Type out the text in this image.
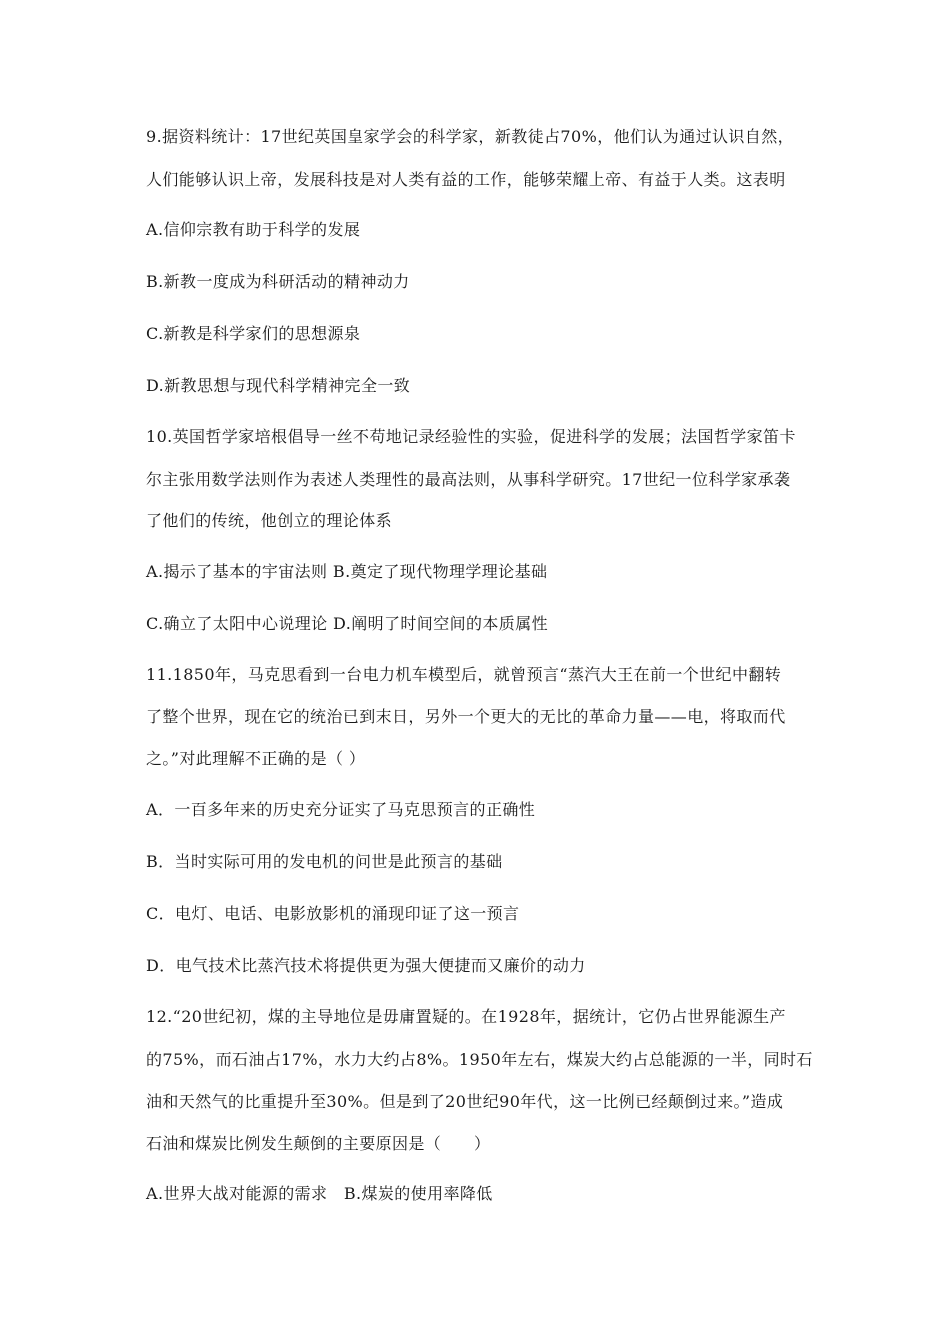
9.据资料统计：17世纪英国皇家学会的科学家，新教徒占70%，他们认为通过认识自然，
人们能够认识上帝，发展科技是对人类有益的工作，能够荣耀上帝、有益于人类。这表明
A.信仰宗教有助于科学的发展
B.新教一度成为科研活动的精神动力
C.新教是科学家们的思想源泉
D.新教思想与现代科学精神完全一致
10.英国哲学家培根倡导一丝不苟地记录经验性的实验，促进科学的发展；法国哲学家笛卡
尔主张用数学法则作为表述人类理性的最高法则，从事科学研究。17世纪一位科学家承袭
了他们的传统，他创立的理论体系
A.揭示了基本的宇宙法则 B.奠定了现代物理学理论基础
C.确立了太阳中心说理论 D.阐明了时间空间的本质属性
11.1850年，马克思看到一台电力机车模型后，就曾预言“蒸汽大王在前一个世纪中翻转
了整个世界，现在它的统治已到末日，另外一个更大的无比的革命力量——电，将取而代
之。”对此理解不正确的是（ ）
A．一百多年来的历史充分证实了马克思预言的正确性
B．当时实际可用的发电机的问世是此预言的基础
C．电灯、电话、电影放影机的涌现印证了这一预言
D．电气技术比蒸汽技术将提供更为强大便捷而又廉价的动力
12.“20世纪初，煤的主导地位是毋庸置疑的。在1928年，据统计，它仍占世界能源生产
的75%，而石油占17%，水力大约占8%。1950年左右，煤炭大约占总能源的一半，同时石
油和天然气的比重提升至30%。但是到了20世纪90年代，这一比例已经颠倒过来。”造成
石油和煤炭比例发生颠倒的主要原因是（　　）
A.世界大战对能源的需求　B.煤炭的使用率降低
